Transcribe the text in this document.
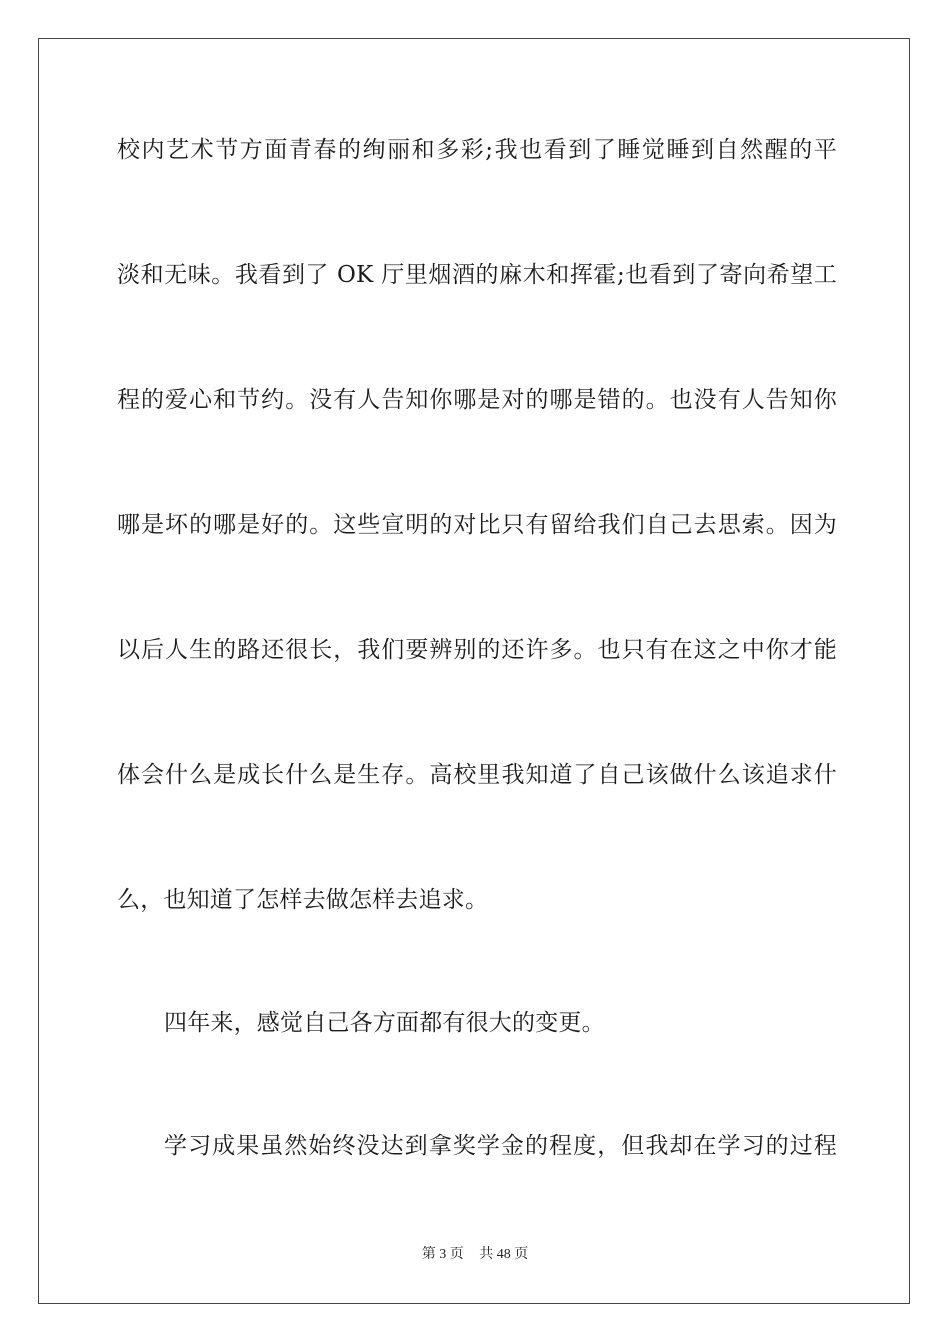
校内艺术节方面青春的绚丽和多彩;我也看到了睡觉睡到自然醒的平
淡和无味。我看到了 OK 厅里烟酒的麻木和挥霍;也看到了寄向希望工
程的爱心和节约。没有人告知你哪是对的哪是错的。也没有人告知你
哪是坏的哪是好的。这些宣明的对比只有留给我们自己去思索。因为
以后人生的路还很长，我们要辨别的还许多。也只有在这之中你才能
体会什么是成长什么是生存。高校里我知道了自己该做什么该追求什
么，也知道了怎样去做怎样去追求。
四年来，感觉自己各方面都有很大的变更。
学习成果虽然始终没达到拿奖学金的程度，但我却在学习的过程
第 3 页 共 48 页
